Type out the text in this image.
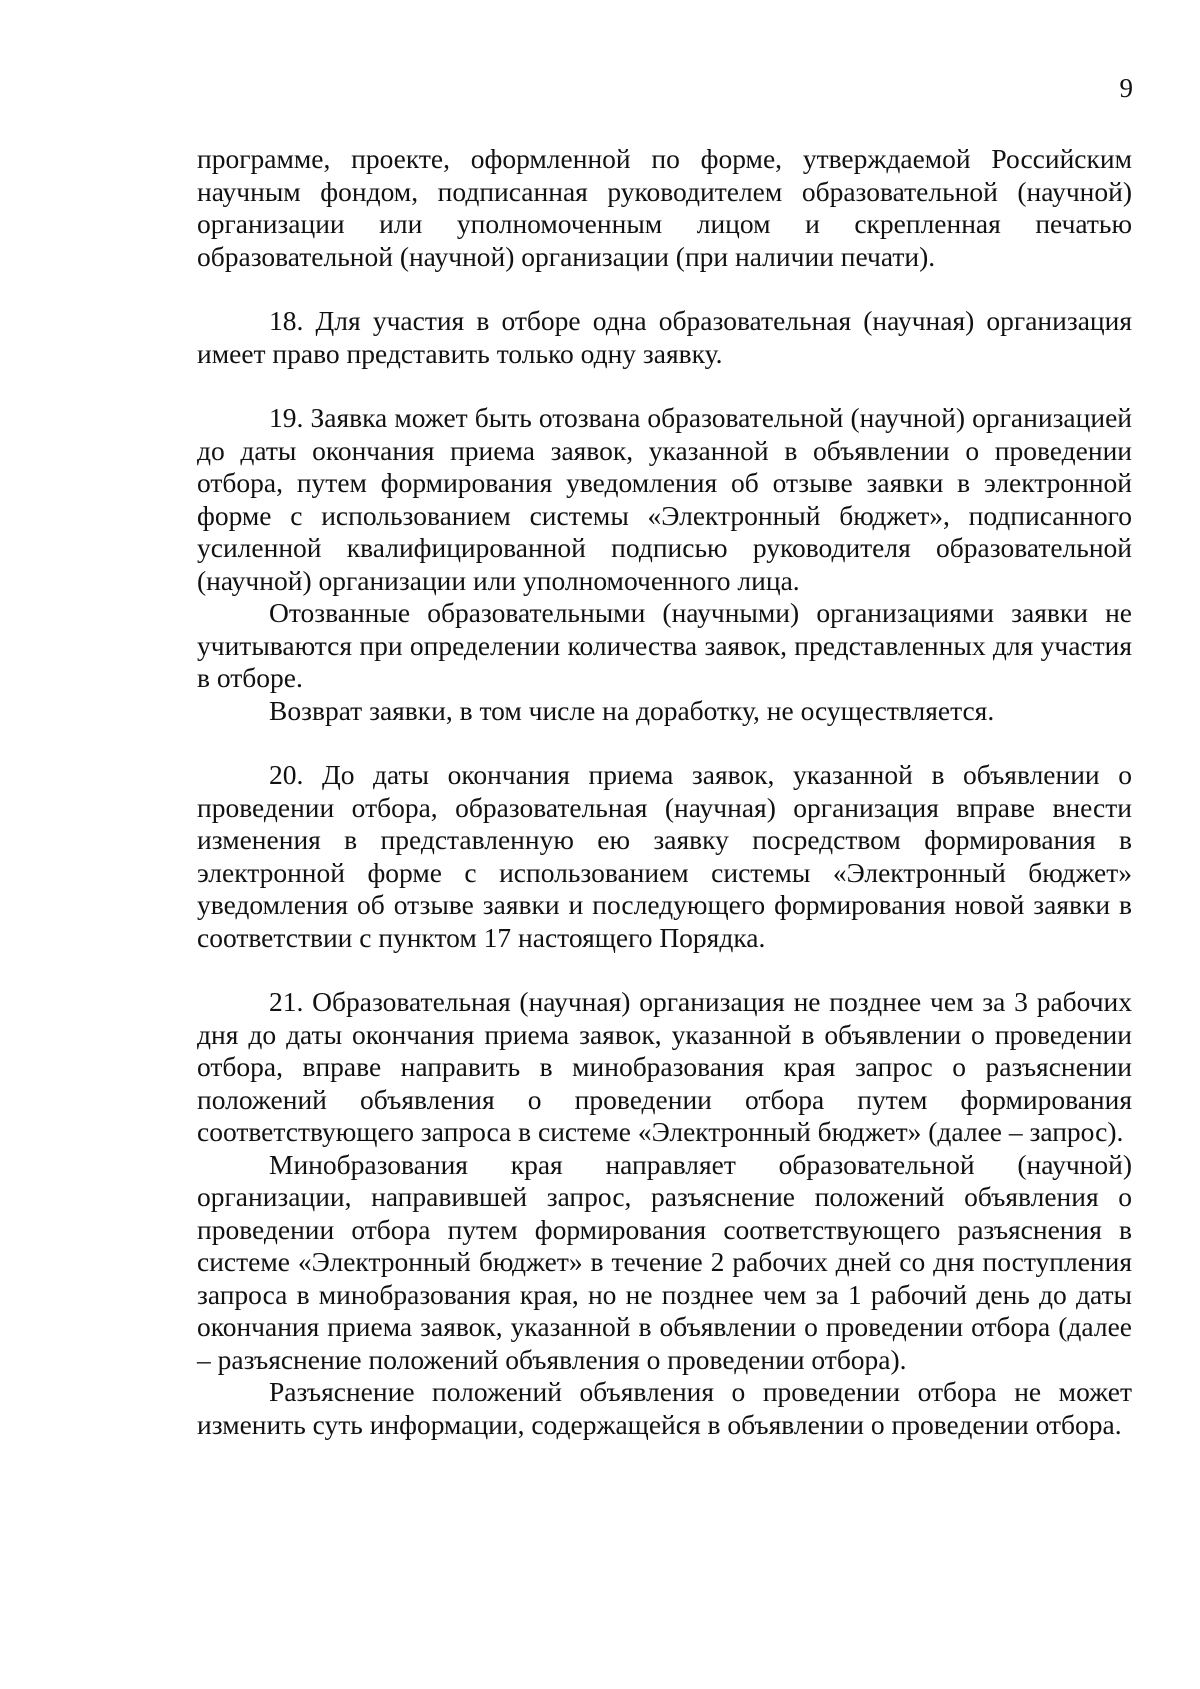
9

программе, проекте, оформленной по форме, утверждаемой Российским научным фондом, подписанная руководителем образовательной (научной) организации или уполномоченным лицом и скрепленная печатью образовательной (научной) организации (при наличии печати).

18. Для участия в отборе одна образовательная (научная) организация имеет право представить только одну заявку.

19. Заявка может быть отозвана образовательной (научной) организацией до даты окончания приема заявок, указанной в объявлении о проведении отбора, путем формирования уведомления об отзыве заявки в электронной форме с использованием системы «Электронный бюджет», подписанного усиленной квалифицированной подписью руководителя образовательной (научной) организации или уполномоченного лица.

Отозванные образовательными (научными) организациями заявки не учитываются при определении количества заявок, представленных для участия в отборе.

Возврат заявки, в том числе на доработку, не осуществляется.

20. До даты окончания приема заявок, указанной в объявлении о проведении отбора, образовательная (научная) организация вправе внести изменения в представленную ею заявку посредством формирования в электронной форме с использованием системы «Электронный бюджет» уведомления об отзыве заявки и последующего формирования новой заявки в соответствии с пунктом 17 настоящего Порядка.

21. Образовательная (научная) организация не позднее чем за 3 рабочих дня до даты окончания приема заявок, указанной в объявлении о проведении отбора, вправе направить в минобразования края запрос о разъяснении положений объявления о проведении отбора путем формирования соответствующего запроса в системе «Электронный бюджет» (далее – запрос).

Минобразования края направляет образовательной (научной) организации, направившей запрос, разъяснение положений объявления о проведении отбора путем формирования соответствующего разъяснения в системе «Электронный бюджет» в течение 2 рабочих дней со дня поступления запроса в минобразования края, но не позднее чем за 1 рабочий день до даты окончания приема заявок, указанной в объявлении о проведении отбора (далее – разъяснение положений объявления о проведении отбора).

Разъяснение положений объявления о проведении отбора не может изменить суть информации, содержащейся в объявлении о проведении отбора.
